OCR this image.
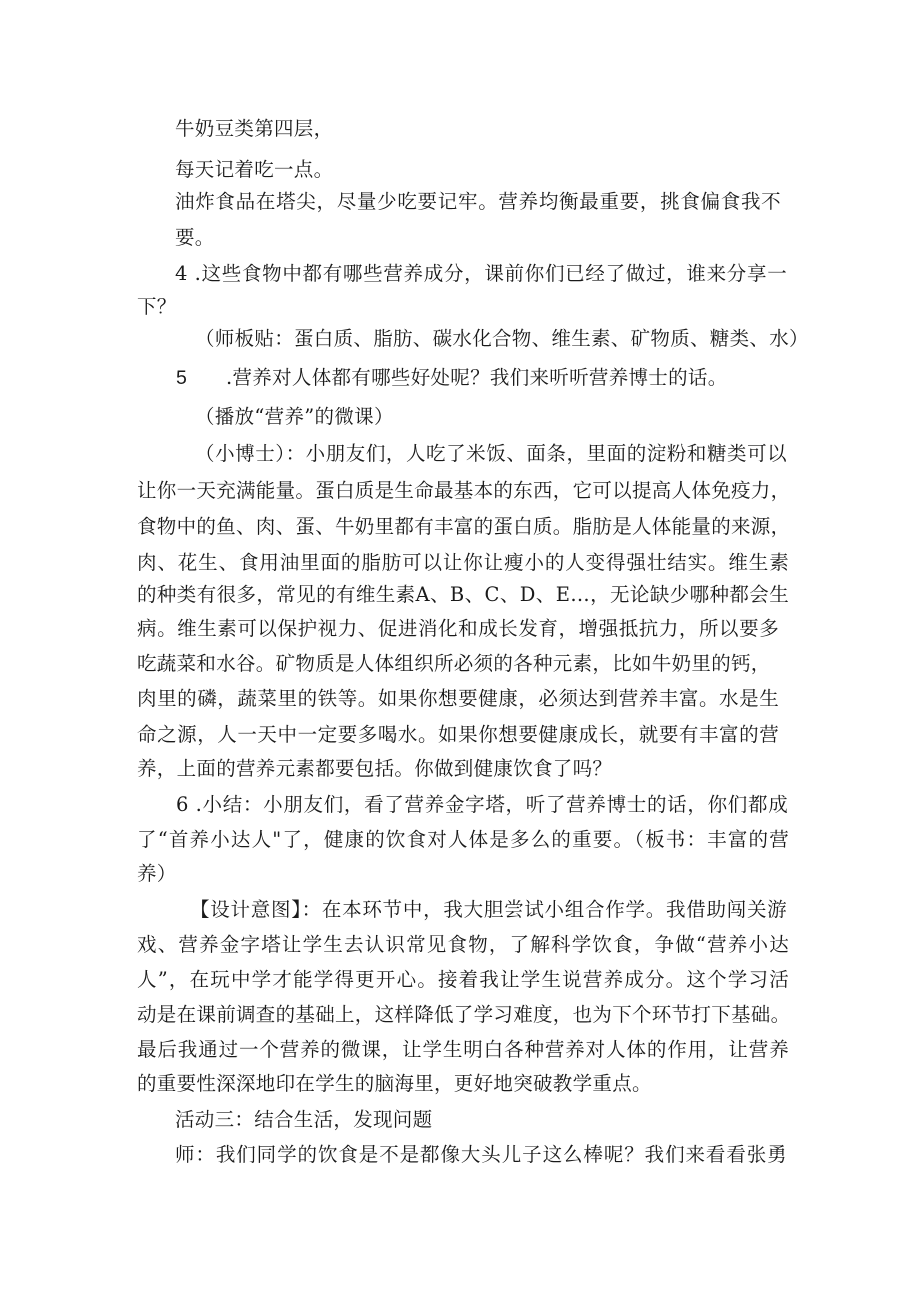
牛奶豆类第四层，
每天记着吃一点。
油炸食品在塔尖，尽量少吃要记牢。营养均衡最重要，挑食偏食我不
要。
4 .这些食物中都有哪些营养成分，课前你们已经了做过，谁来分享一
下？
（师板贴：蛋白质、脂肪、碳水化合物、维生素、矿物质、糖类、水）
5 .营养对人体都有哪些好处呢？我们来听听营养博士的话。
（播放“营养”的微课）
（小博士）：小朋友们，人吃了米饭、面条，里面的淀粉和糖类可以
让你一天充满能量。蛋白质是生命最基本的东西，它可以提高人体免疫力，
食物中的鱼、肉、蛋、牛奶里都有丰富的蛋白质。脂肪是人体能量的来源，
肉、花生、食用油里面的脂肪可以让你让瘦小的人变得强壮结实。维生素
的种类有很多，常见的有维生素A、B、C、D、E…，无论缺少哪种都会生
病。维生素可以保护视力、促进消化和成长发育，增强抵抗力，所以要多
吃蔬菜和水谷。矿物质是人体组织所必须的各种元素，比如牛奶里的钙，
肉里的磷，蔬菜里的铁等。如果你想要健康，必须达到营养丰富。水是生
命之源，人一天中一定要多喝水。如果你想要健康成长，就要有丰富的营
养，上面的营养元素都要包括。你做到健康饮食了吗？
6 .小结：小朋友们，看了营养金字塔，听了营养博士的话，你们都成
了“首养小达人"了，健康的饮食对人体是多么的重要。（板书：丰富的营
养）
【设计意图】：在本环节中，我大胆尝试小组合作学。我借助闯关游
戏、营养金字塔让学生去认识常见食物，了解科学饮食，争做“营养小达
人”，在玩中学才能学得更开心。接着我让学生说营养成分。这个学习活
动是在课前调查的基础上，这样降低了学习难度，也为下个环节打下基础。
最后我通过一个营养的微课，让学生明白各种营养对人体的作用，让营养
的重要性深深地印在学生的脑海里，更好地突破教学重点。
活动三：结合生活，发现问题
师：我们同学的饮食是不是都像大头儿子这么棒呢？我们来看看张勇
